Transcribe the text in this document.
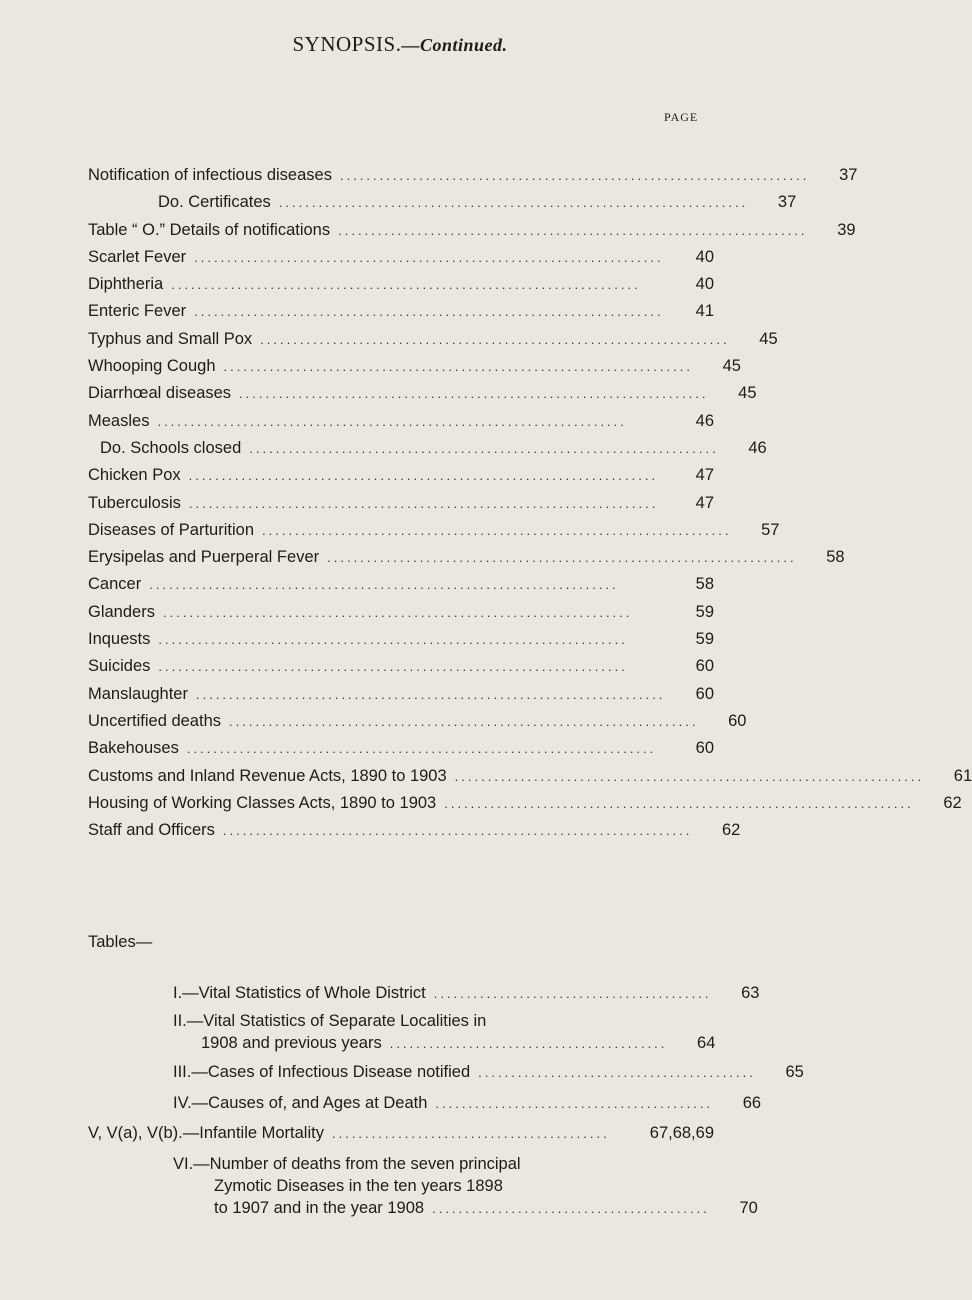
SYNOPSIS.—Continued.
PAGE
Notification of infectious diseases .......................................................................	37
Do. Certificates .......................................................................	37
Table “ O.” Details of notifications .......................................................................	39
Scarlet Fever .......................................................................	40
Diphtheria .......................................................................	40
Enteric Fever .......................................................................	41
Typhus and Small Pox .......................................................................	45
Whooping Cough .......................................................................	45
Diarrhœal diseases .......................................................................	45
Measles .......................................................................	46
Do. Schools closed .......................................................................	46
Chicken Pox .......................................................................	47
Tuberculosis .......................................................................	47
Diseases of Parturition .......................................................................	57
Erysipelas and Puerperal Fever .......................................................................	58
Cancer .......................................................................	58
Glanders .......................................................................	59
Inquests .......................................................................	59
Suicides .......................................................................	60
Manslaughter .......................................................................	60
Uncertified deaths .......................................................................	60
Bakehouses .......................................................................	60
Customs and Inland Revenue Acts, 1890 to 1903 .......................................................................	61
Housing of Working Classes Acts, 1890 to 1903 .......................................................................	62
Staff and Officers .......................................................................	62
Tables—
I.—Vital Statistics of Whole District ..........................................	63
II.—Vital Statistics of Separate Localities in
1908 and previous years ..........................................	64
III.—Cases of Infectious Disease notified ..........................................	65
IV.—Causes of, and Ages at Death ..........................................	66
V, V(a), V(b).—Infantile Mortality ..........................................	67,68,69
VI.—Number of deaths from the seven principal
Zymotic Diseases in the ten years 1898
to 1907 and in the year 1908 ..........................................	70
